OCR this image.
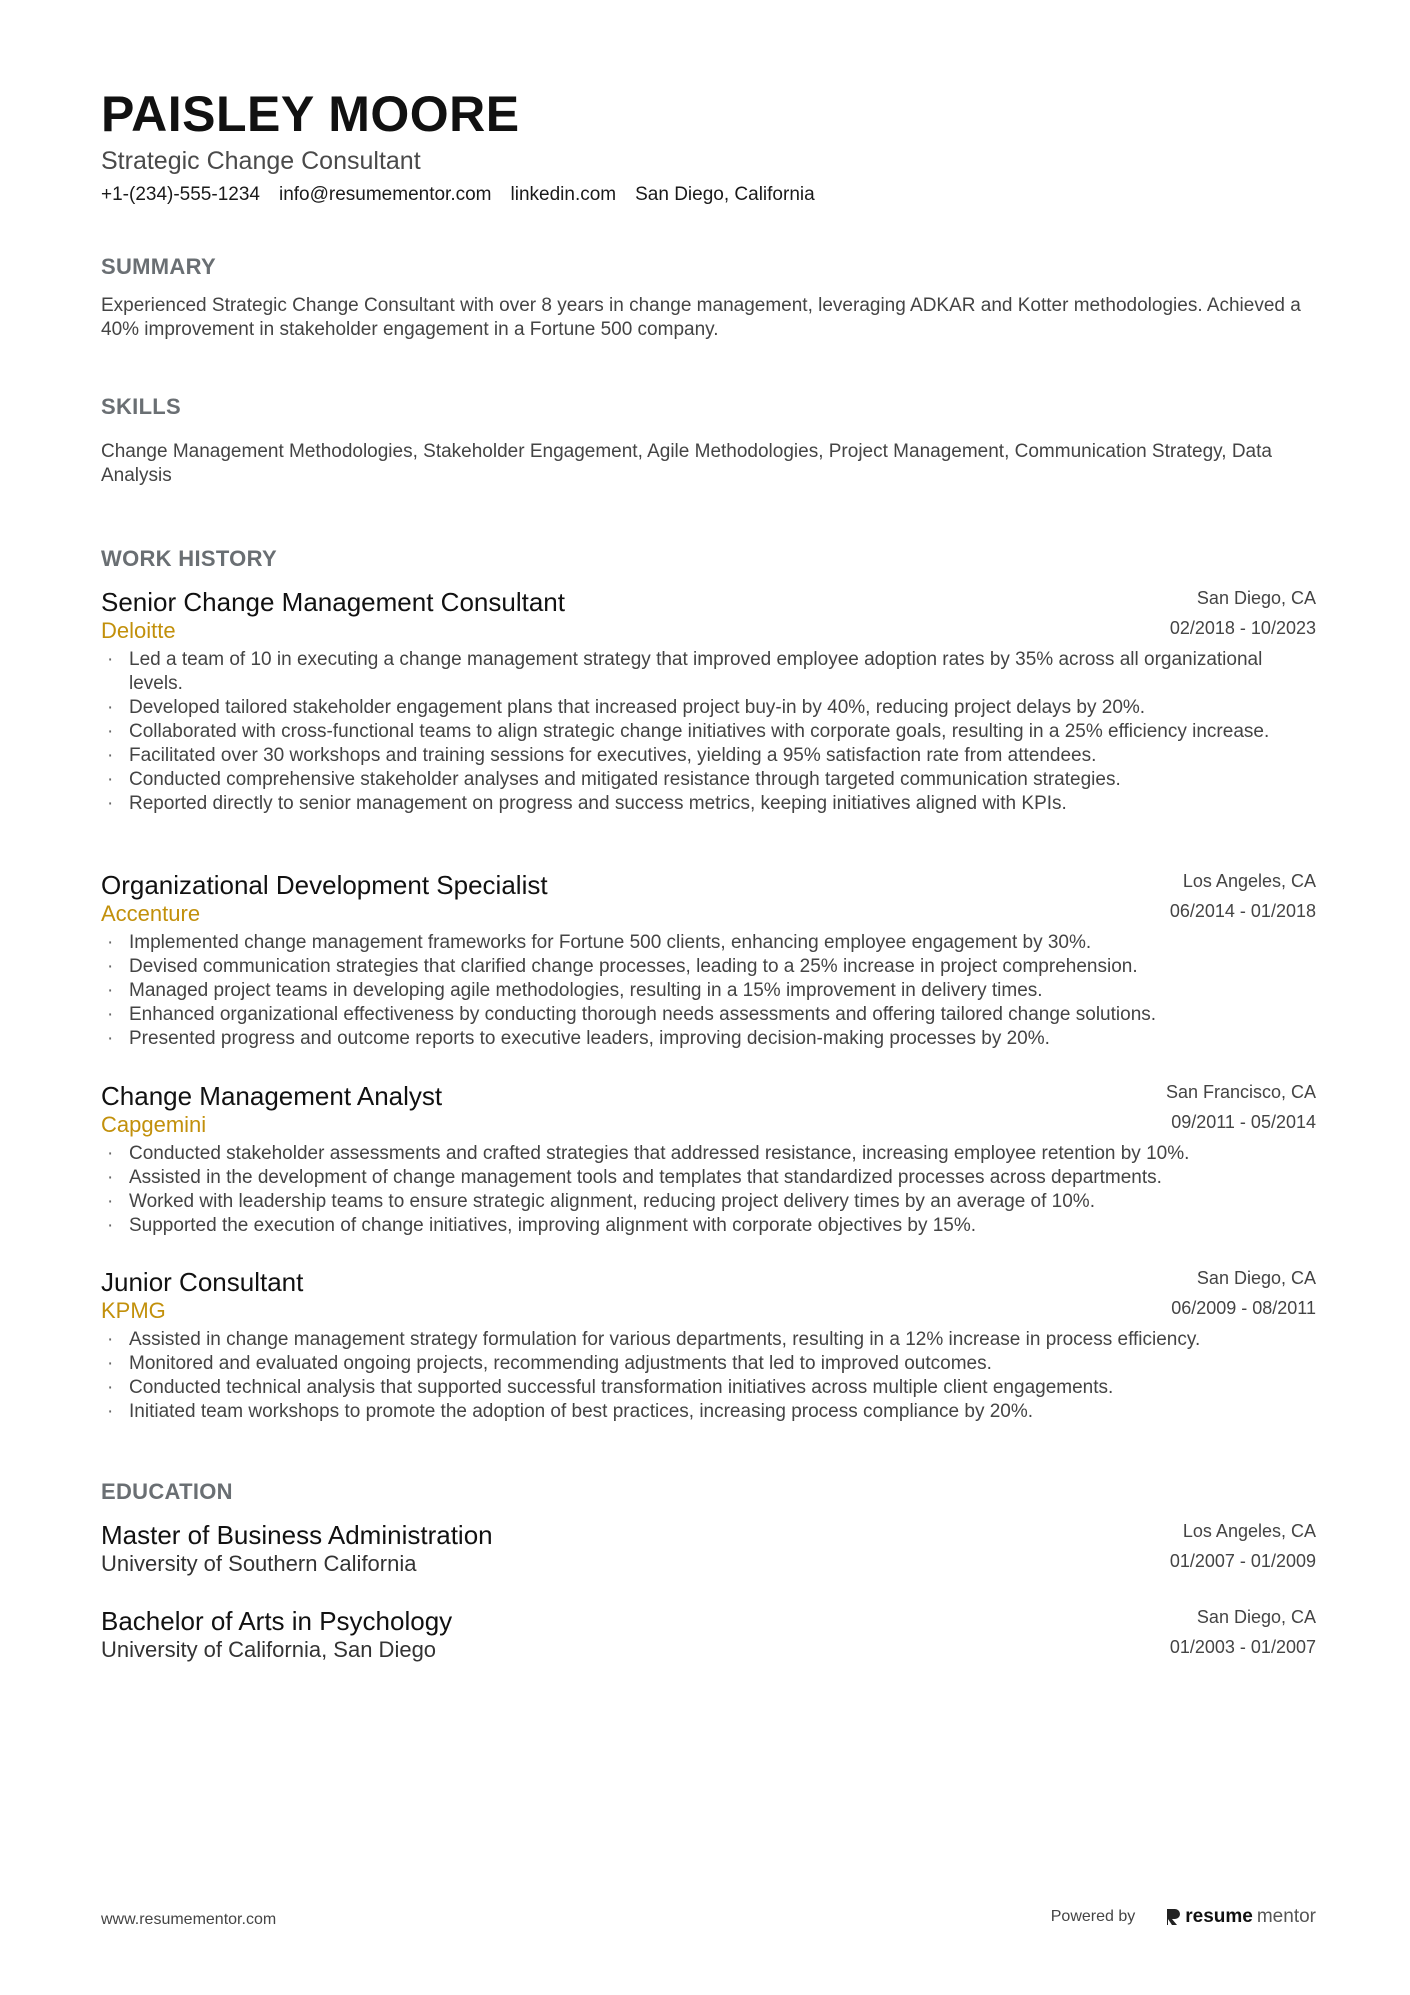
PAISLEY MOORE
Strategic Change Consultant
+1-(234)-555-1234 info@resumementor.com linkedin.com San Diego, California
SUMMARY
Experienced Strategic Change Consultant with over 8 years in change management, leveraging ADKAR and Kotter methodologies. Achieved a 40% improvement in stakeholder engagement in a Fortune 500 company.
SKILLS
Change Management Methodologies, Stakeholder Engagement, Agile Methodologies, Project Management, Communication Strategy, Data Analysis
WORK HISTORY
Senior Change Management Consultant
Deloitte
San Diego, CA
02/2018 - 10/2023
· Led a team of 10 in executing a change management strategy that improved employee adoption rates by 35% across all organizational levels.
· Developed tailored stakeholder engagement plans that increased project buy-in by 40%, reducing project delays by 20%.
· Collaborated with cross-functional teams to align strategic change initiatives with corporate goals, resulting in a 25% efficiency increase.
· Facilitated over 30 workshops and training sessions for executives, yielding a 95% satisfaction rate from attendees.
· Conducted comprehensive stakeholder analyses and mitigated resistance through targeted communication strategies.
· Reported directly to senior management on progress and success metrics, keeping initiatives aligned with KPIs.
Organizational Development Specialist
Accenture
Los Angeles, CA
06/2014 - 01/2018
· Implemented change management frameworks for Fortune 500 clients, enhancing employee engagement by 30%.
· Devised communication strategies that clarified change processes, leading to a 25% increase in project comprehension.
· Managed project teams in developing agile methodologies, resulting in a 15% improvement in delivery times.
· Enhanced organizational effectiveness by conducting thorough needs assessments and offering tailored change solutions.
· Presented progress and outcome reports to executive leaders, improving decision-making processes by 20%.
Change Management Analyst
Capgemini
San Francisco, CA
09/2011 - 05/2014
· Conducted stakeholder assessments and crafted strategies that addressed resistance, increasing employee retention by 10%.
· Assisted in the development of change management tools and templates that standardized processes across departments.
· Worked with leadership teams to ensure strategic alignment, reducing project delivery times by an average of 10%.
· Supported the execution of change initiatives, improving alignment with corporate objectives by 15%.
Junior Consultant
KPMG
San Diego, CA
06/2009 - 08/2011
· Assisted in change management strategy formulation for various departments, resulting in a 12% increase in process efficiency.
· Monitored and evaluated ongoing projects, recommending adjustments that led to improved outcomes.
· Conducted technical analysis that supported successful transformation initiatives across multiple client engagements.
· Initiated team workshops to promote the adoption of best practices, increasing process compliance by 20%.
EDUCATION
Master of Business Administration
University of Southern California
Los Angeles, CA
01/2007 - 01/2009
Bachelor of Arts in Psychology
University of California, San Diego
San Diego, CA
01/2003 - 01/2007
www.resumementor.com	Powered by	resume mentor
